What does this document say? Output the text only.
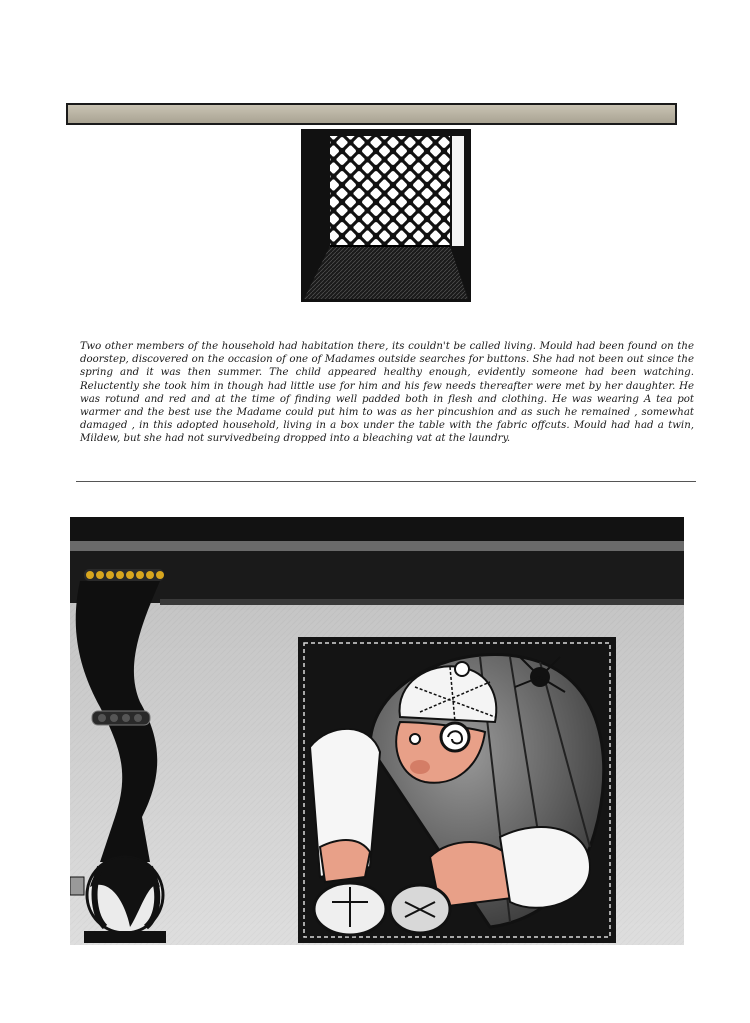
Two other members of the household had habitation there, its couldn't be called living. Mould had been found on the doorstep, discovered on the occasion of one of Madames outside searches for buttons. She had not been out since the spring and it was then summer. The child appeared healthy enough, evidently someone had been watching. Reluctently she took him in though had little use for him and his few needs thereafter were met by her daughter. He was rotund and red and at the time of finding well padded both in flesh and clothing. He was wearing A tea pot warmer and the best use the Madame could put him to was as her pincushion and as such he remained , somewhat damaged , in this adopted household, living in a box under the table with the fabric offcuts. Mould had had a twin, Mildew, but she had not survivedbeing dropped into a bleaching vat at the laundry.
